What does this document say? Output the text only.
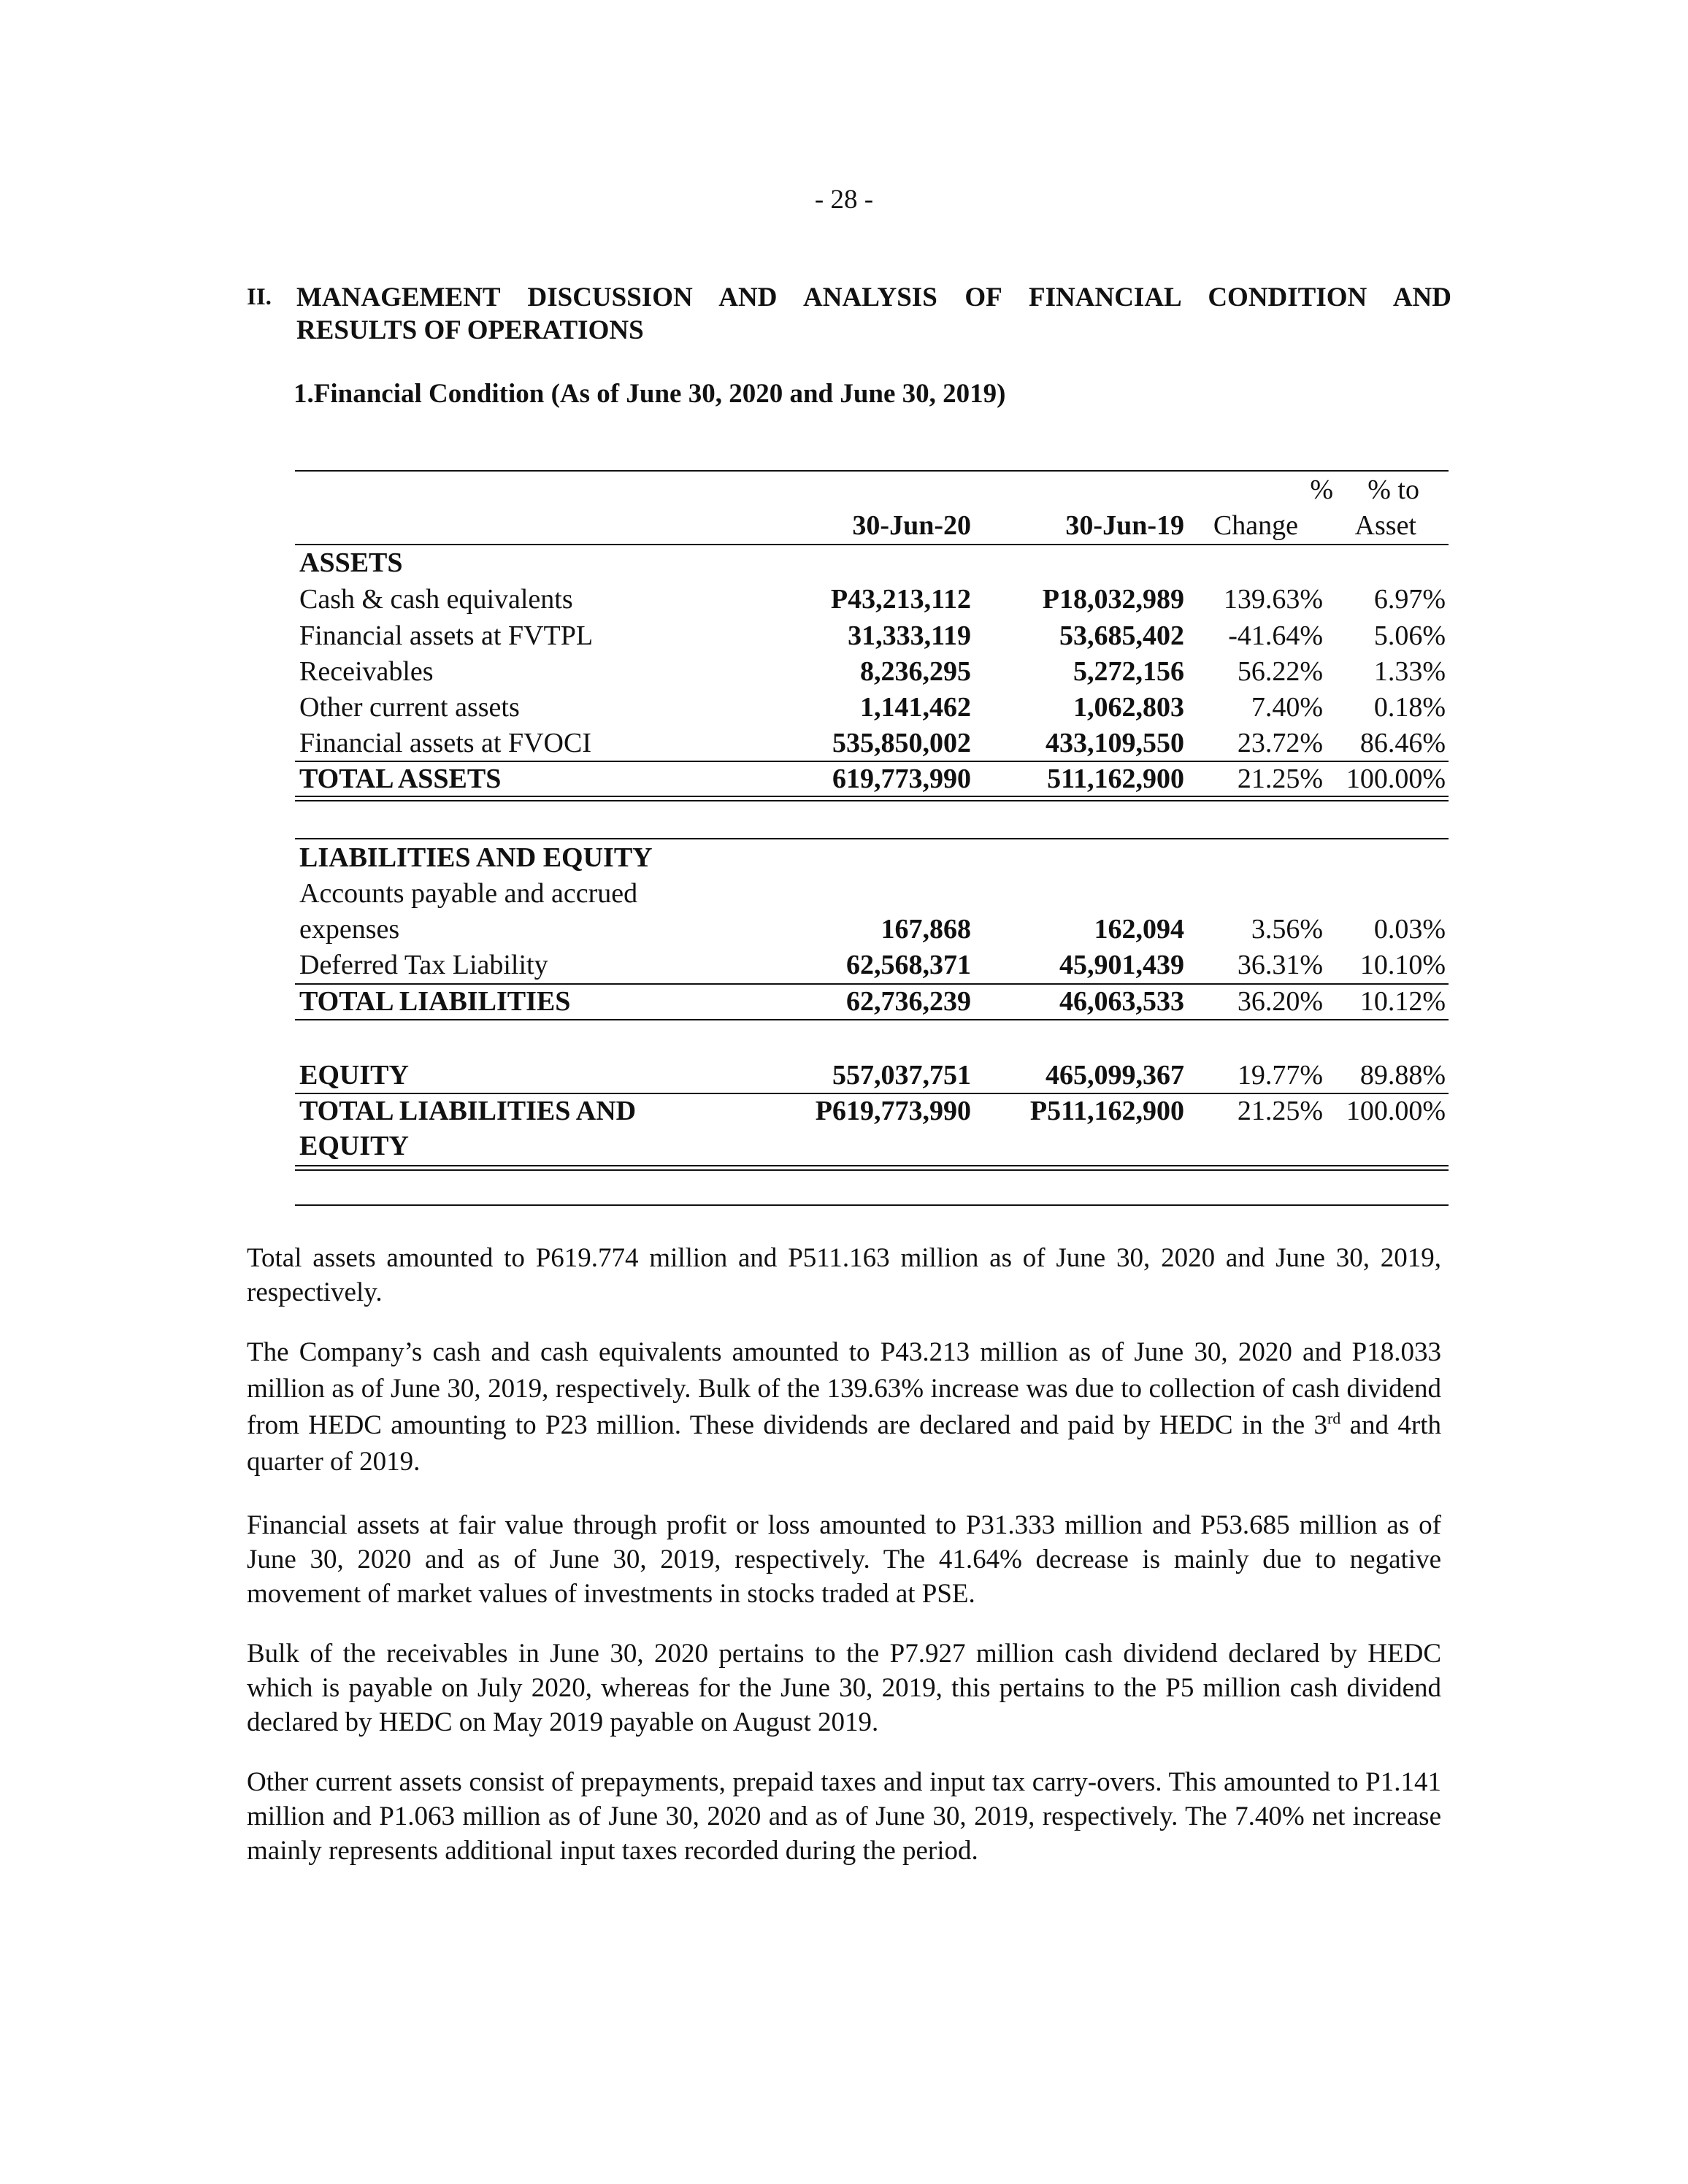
- 28 -
II. MANAGEMENT DISCUSSION AND ANALYSIS OF FINANCIAL CONDITION AND
RESULTS OF OPERATIONS
1.Financial Condition (As of June 30, 2020 and June 30, 2019)
% % to
30-Jun-20	30-Jun-19 Change Asset
ASSETS
Cash & cash equivalents	P43,213,112	P18,032,989 139.63% 6.97%
Financial assets at FVTPL	31,333,119	53,685,402 -41.64% 5.06%
Receivables	8,236,295	5,272,156 56.22% 1.33%
Other current assets	1,141,462	1,062,803 7.40% 0.18%
Financial assets at FVOCI	535,850,002	433,109,550 23.72% 86.46%
TOTAL ASSETS	619,773,990	511,162,900 21.25% 100.00%
LIABILITIES AND EQUITY
Accounts payable and accrued
expenses	167,868	162,094 3.56% 0.03%
Deferred Tax Liability	62,568,371	45,901,439 36.31% 10.10%
TOTAL LIABILITIES	62,736,239	46,063,533 36.20% 10.12%
EQUITY	557,037,751	465,099,367 19.77% 89.88%
TOTAL LIABILITIES AND
EQUITY
P619,773,990 P511,162,900 21.25% 100.00%

Total assets amounted to P619.774 million and P511.163 million as of June 30, 2020 and June 30, 2019, respectively.

The Company’s cash and cash equivalents amounted to P43.213 million as of June 30, 2020 and P18.033 million as of June 30, 2019, respectively. Bulk of the 139.63% increase was due to collection of cash dividend from HEDC amounting to P23 million. These dividends are declared and paid by HEDC in the 3rd and 4rth quarter of 2019.

Financial assets at fair value through profit or loss amounted to P31.333 million and P53.685 million as of June 30, 2020 and as of June 30, 2019, respectively. The 41.64% decrease is mainly due to negative movement of market values of investments in stocks traded at PSE.

Bulk of the receivables in June 30, 2020 pertains to the P7.927 million cash dividend declared by HEDC which is payable on July 2020, whereas for the June 30, 2019, this pertains to the P5 million cash dividend declared by HEDC on May 2019 payable on August 2019.

Other current assets consist of prepayments, prepaid taxes and input tax carry-overs. This amounted to P1.141 million and P1.063 million as of June 30, 2020 and as of June 30, 2019, respectively. The 7.40% net increase mainly represents additional input taxes recorded during the period.
